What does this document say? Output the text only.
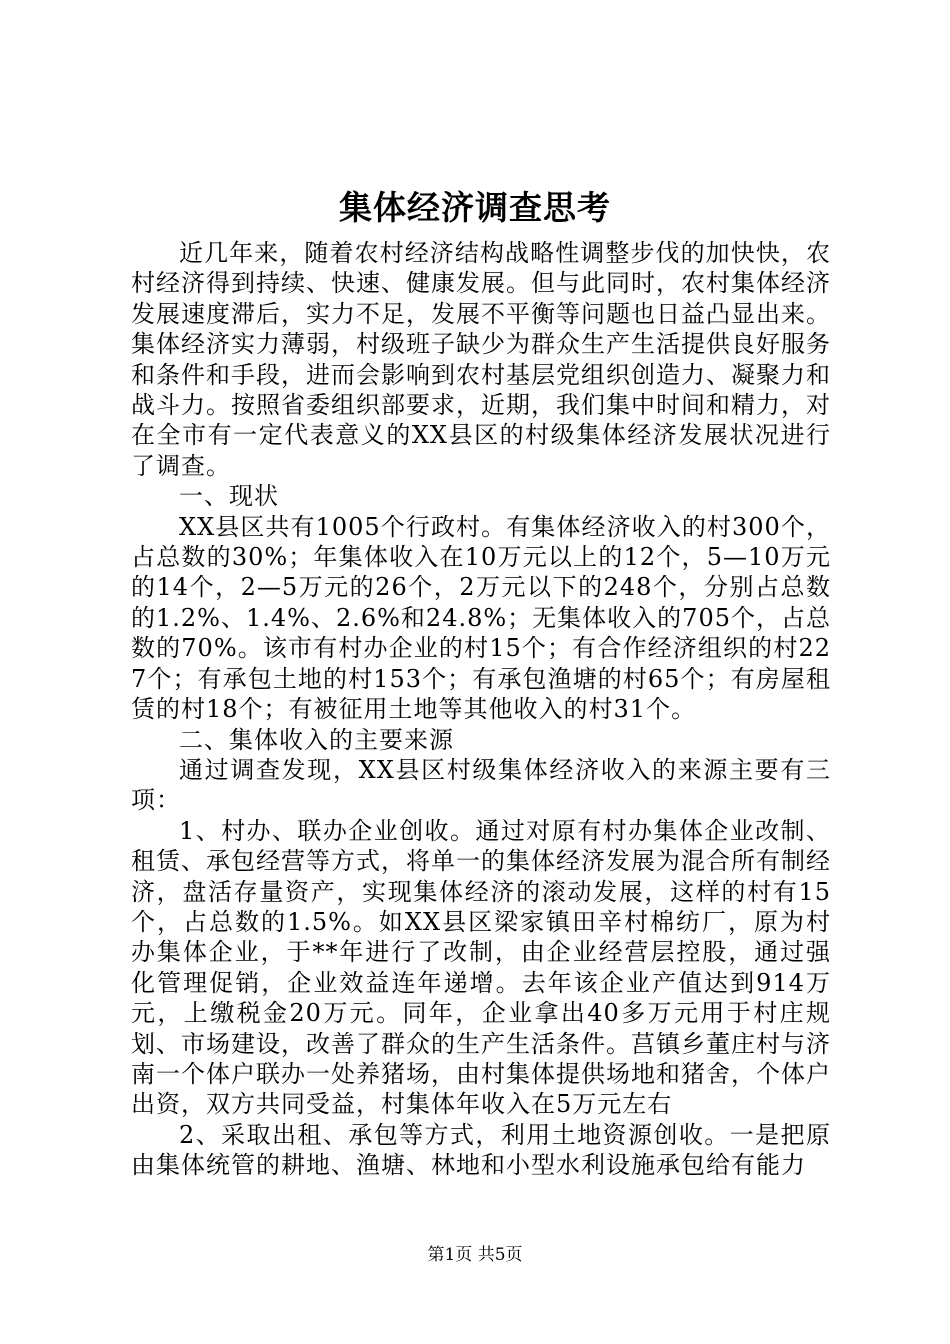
集体经济调查思考

近几年来，随着农村经济结构战略性调整步伐的加快快，农村经济得到持续、快速、健康发展。但与此同时，农村集体经济发展速度滞后，实力不足，发展不平衡等问题也日益凸显出来。集体经济实力薄弱，村级班子缺少为群众生产生活提供良好服务和条件和手段，进而会影响到农村基层党组织创造力、凝聚力和战斗力。按照省委组织部要求，近期，我们集中时间和精力，对在全市有一定代表意义的XX县区的村级集体经济发展状况进行了调查。

一、现状

XX县区共有1005个行政村。有集体经济收入的村300个，占总数的30%；年集体收入在10万元以上的12个，5—10万元的14个，2—5万元的26个，2万元以下的248个，分别占总数的1.2%、1.4%、2.6%和24.8%；无集体收入的705个，占总数的70%。该市有村办企业的村15个；有合作经济组织的村227个；有承包土地的村153个；有承包渔塘的村65个；有房屋租赁的村18个；有被征用土地等其他收入的村31个。

二、集体收入的主要来源

通过调查发现，XX县区村级集体经济收入的来源主要有三项：

1、村办、联办企业创收。通过对原有村办集体企业改制、租赁、承包经营等方式，将单一的集体经济发展为混合所有制经济，盘活存量资产，实现集体经济的滚动发展，这样的村有15个，占总数的1.5%。如XX县区梁家镇田辛村棉纺厂，原为村办集体企业，于**年进行了改制，由企业经营层控股，通过强化管理促销，企业效益连年递增。去年该企业产值达到914万元，上缴税金20万元。同年，企业拿出40多万元用于村庄规划、市场建设，改善了群众的生产生活条件。莒镇乡董庄村与济南一个体户联办一处养猪场，由村集体提供场地和猪舍，个体户出资，双方共同受益，村集体年收入在5万元左右

2、采取出租、承包等方式，利用土地资源创收。一是把原由集体统管的耕地、渔塘、林地和小型水利设施承包给有能力

第1页 共5页
